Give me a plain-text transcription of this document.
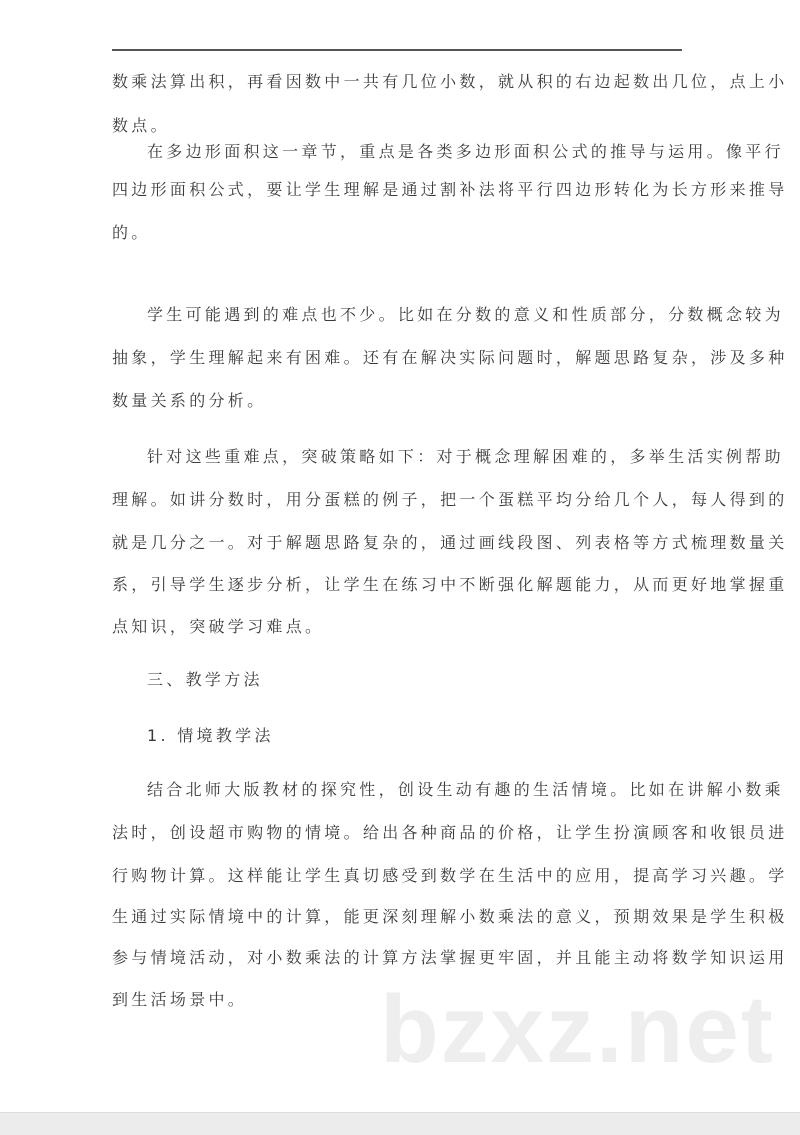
数乘法算出积，再看因数中一共有几位小数，就从积的右边起数出几位，点上小
数点。
在多边形面积这一章节，重点是各类多边形面积公式的推导与运用。像平行
四边形面积公式，要让学生理解是通过割补法将平行四边形转化为长方形来推导
的。
学生可能遇到的难点也不少。比如在分数的意义和性质部分，分数概念较为
抽象，学生理解起来有困难。还有在解决实际问题时，解题思路复杂，涉及多种
数量关系的分析。
针对这些重难点，突破策略如下：对于概念理解困难的，多举生活实例帮助
理解。如讲分数时，用分蛋糕的例子，把一个蛋糕平均分给几个人，每人得到的
就是几分之一。对于解题思路复杂的，通过画线段图、列表格等方式梳理数量关
系，引导学生逐步分析，让学生在练习中不断强化解题能力，从而更好地掌握重
点知识，突破学习难点。
三、教学方法
1. 情境教学法
结合北师大版教材的探究性，创设生动有趣的生活情境。比如在讲解小数乘
法时，创设超市购物的情境。给出各种商品的价格，让学生扮演顾客和收银员进
行购物计算。这样能让学生真切感受到数学在生活中的应用，提高学习兴趣。学
生通过实际情境中的计算，能更深刻理解小数乘法的意义，预期效果是学生积极
参与情境活动，对小数乘法的计算方法掌握更牢固，并且能主动将数学知识运用
到生活场景中。 bzxz.net
